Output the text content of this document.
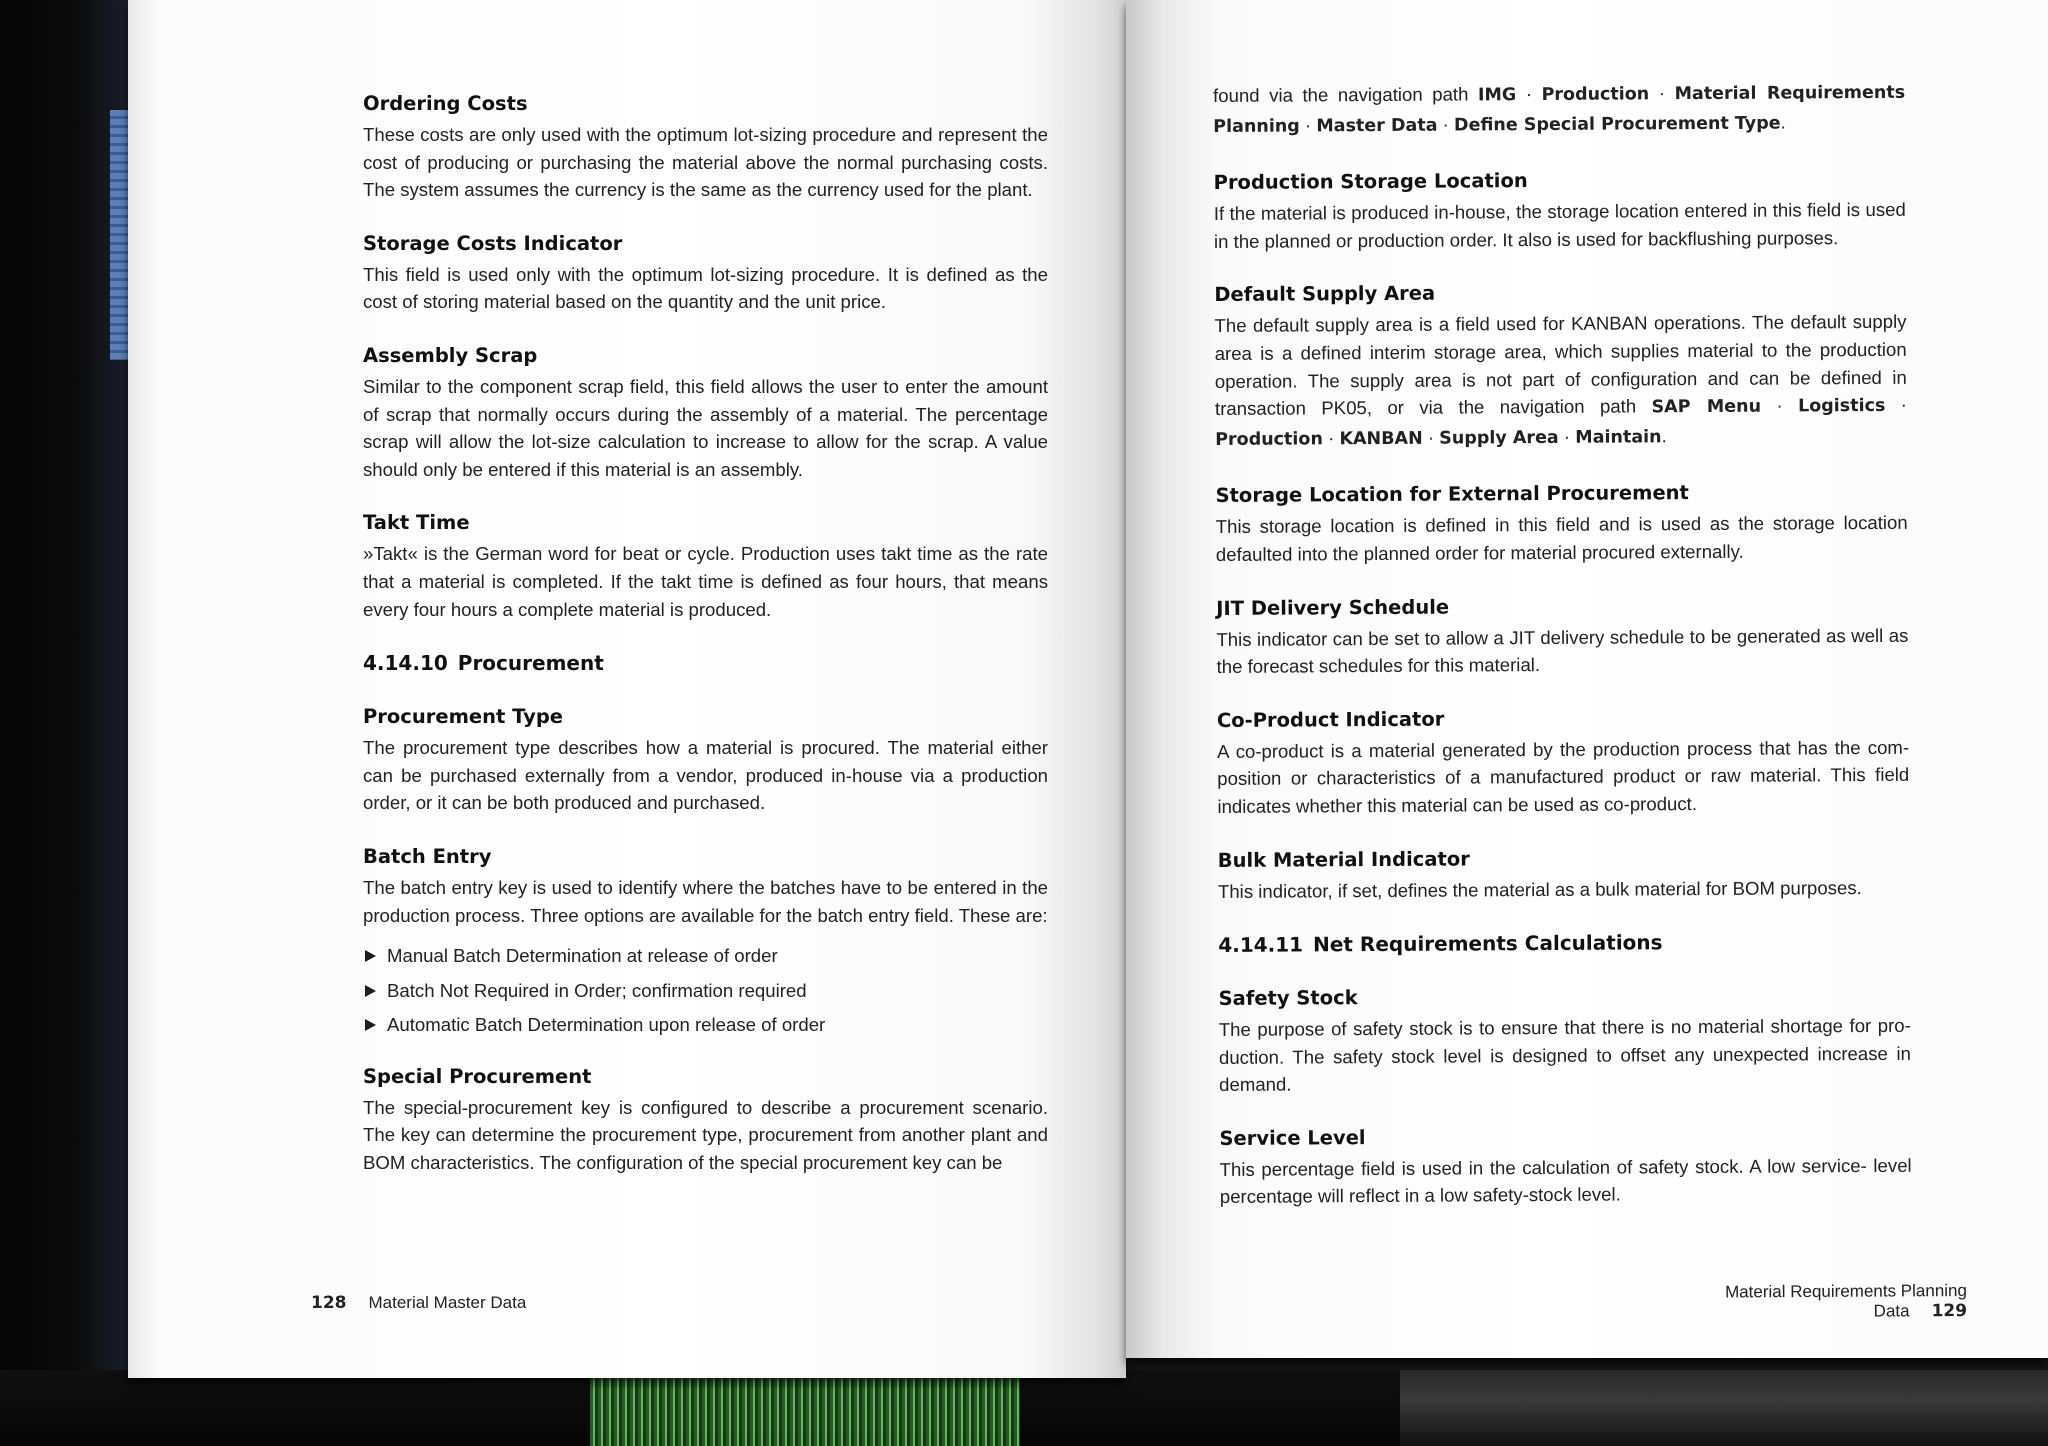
Ordering Costs

These costs are only used with the optimum lot-sizing procedure and represent the cost of producing or purchasing the material above the normal purchasing costs. The system assumes the currency is the same as the currency used for the plant.

Storage Costs Indicator

This field is used only with the optimum lot-sizing procedure. It is defined as the cost of storing material based on the quantity and the unit price.

Assembly Scrap

Similar to the component scrap field, this field allows the user to enter the amount of scrap that normally occurs during the assembly of a material. The percentage scrap will allow the lot-size calculation to increase to allow for the scrap. A value should only be entered if this material is an assembly.

Takt Time

»Takt« is the German word for beat or cycle. Production uses takt time as the rate that a material is completed. If the takt time is defined as four hours, that means every four hours a complete material is produced.

4.14.10 Procurement
Procurement Type

The procurement type describes how a material is procured. The material either can be purchased externally from a vendor, produced in-house via a production order, or it can be both produced and purchased.

Batch Entry

The batch entry key is used to identify where the batches have to be entered in the production process. Three options are available for the batch entry field. These are:

Manual Batch Determination at release of order
Batch Not Required in Order; confirmation required
Automatic Batch Determination upon release of order
Special Procurement

The special-procurement key is configured to describe a procurement scenario. The key can determine the procurement type, procurement from another plant and BOM characteristics. The configuration of the special procurement key can be

128 Material Master Data

found via the navigation path IMG · Production · Material Requirements Planning · Master Data · Define Special Procurement Type.

Production Storage Location

If the material is produced in-house, the storage location entered in this field is used in the planned or production order. It also is used for backflushing purposes.

Default Supply Area

The default supply area is a field used for KANBAN operations. The default supply area is a defined interim storage area, which supplies material to the production operation. The supply area is not part of configuration and can be defined in transaction PK05, or via the navigation path SAP Menu · Logistics · Production · KANBAN · Supply Area · Maintain.

Storage Location for External Procurement

This storage location is defined in this field and is used as the storage location defaulted into the planned order for material procured externally.

JIT Delivery Schedule

This indicator can be set to allow a JIT delivery schedule to be generated as well as the forecast schedules for this material.

Co-Product Indicator

A co-product is a material generated by the production process that has the composition or characteristics of a manufactured product or raw material. This field indicates whether this material can be used as co-product.

Bulk Material Indicator

This indicator, if set, defines the material as a bulk material for BOM purposes.

4.14.11 Net Requirements Calculations
Safety Stock

The purpose of safety stock is to ensure that there is no material shortage for production. The safety stock level is designed to offset any unexpected increase in demand.

Service Level

This percentage field is used in the calculation of safety stock. A low service- level percentage will reflect in a low safety-stock level.

Material Requirements Planning Data 129
